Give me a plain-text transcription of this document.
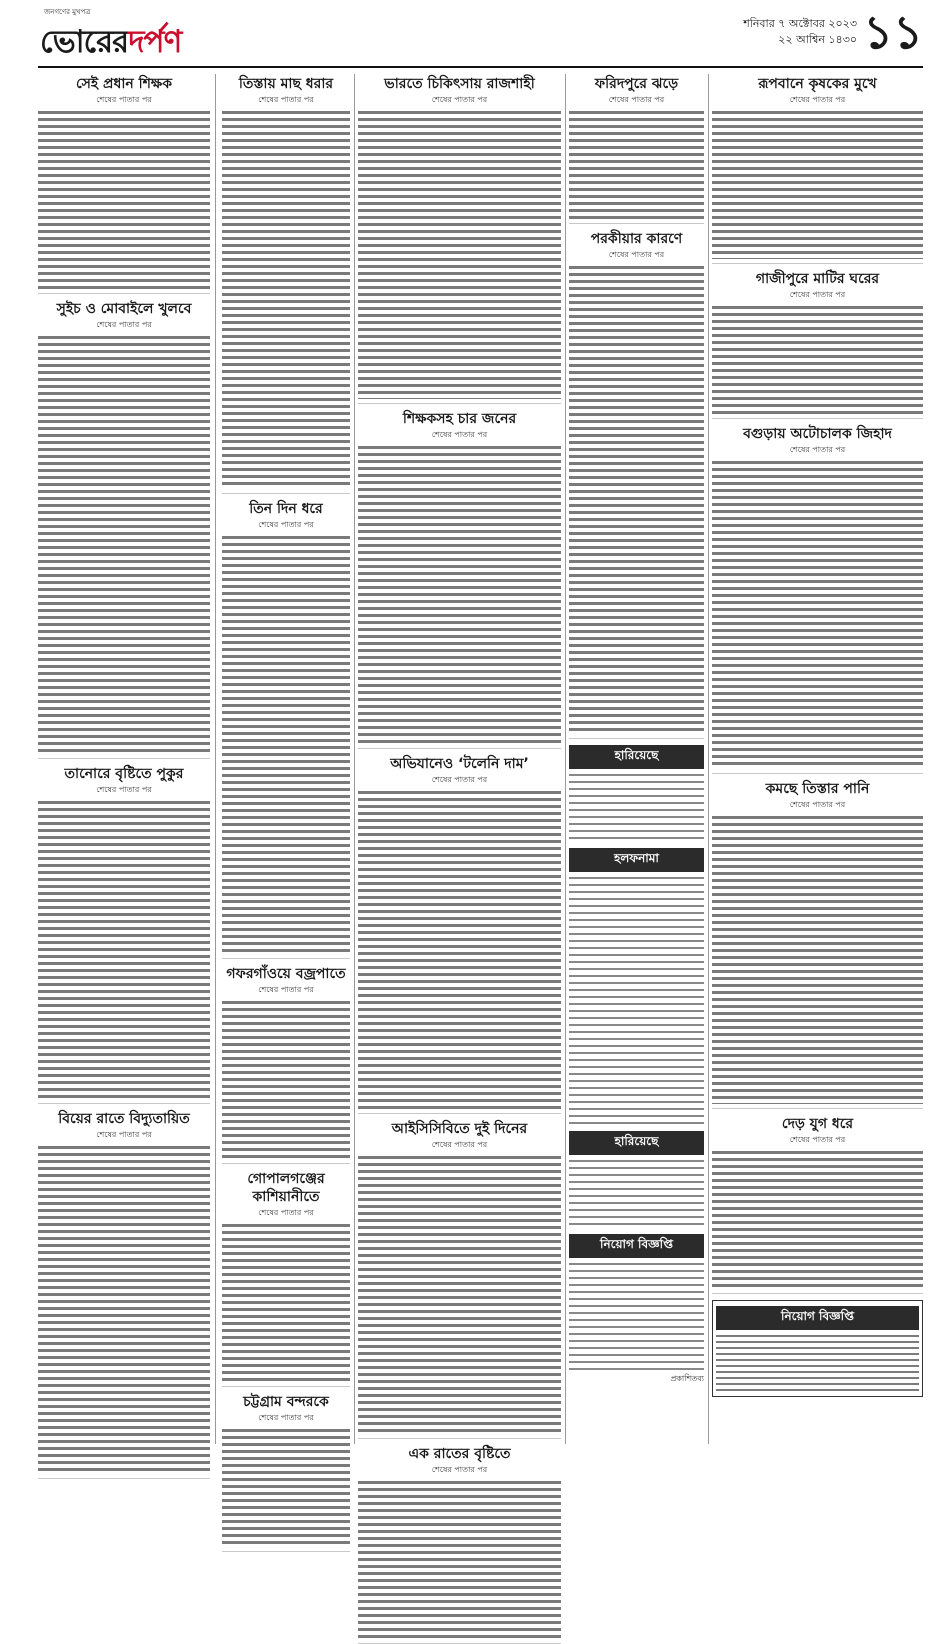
জনগণের মুখপত্র
ভোরেরদর্পণ
শনিবার ৭ অক্টোবর ২০২৩
২২ আশ্বিন ১৪৩০ ১১
সেই প্রধান শিক্ষক
শেষের পাতার পর
সুইচ ও মোবাইলে খুলবে
শেষের পাতার পর
তানোরে বৃষ্টিতে পুকুর
শেষের পাতার পর
বিয়ের রাতে বিদ্যুতায়িত
শেষের পাতার পর
তিস্তায় মাছ ধরার
শেষের পাতার পর
তিন দিন ধরে
শেষের পাতার পর
গফরগাঁওয়ে বজ্রপাতে
শেষের পাতার পর
গোপালগঞ্জের কাশিয়ানীতে
শেষের পাতার পর
চট্টগ্রাম বন্দরকে
শেষের পাতার পর
ভারতে চিকিৎসায় রাজশাহী
শেষের পাতার পর
শিক্ষকসহ চার জনের
শেষের পাতার পর
অভিযানেও ‘টলেনি দাম’
শেষের পাতার পর
আইসিসিবিতে দুই দিনের
শেষের পাতার পর
এক রাতের বৃষ্টিতে
শেষের পাতার পর
ফরিদপুরে ঝড়ে
শেষের পাতার পর
পরকীয়ার কারণে
শেষের পাতার পর
হারিয়েছে
হলফনামা
হারিয়েছে
নিয়োগ বিজ্ঞপ্তি
প্রকাশিতব্য
রূপবানে কৃষকের মুখে
শেষের পাতার পর
গাজীপুরে মাটির ঘরের
শেষের পাতার পর
বগুড়ায় অটোচালক জিহাদ
শেষের পাতার পর
কমছে তিস্তার পানি
শেষের পাতার পর
দেড় যুগ ধরে
শেষের পাতার পর
নিয়োগ বিজ্ঞপ্তি
